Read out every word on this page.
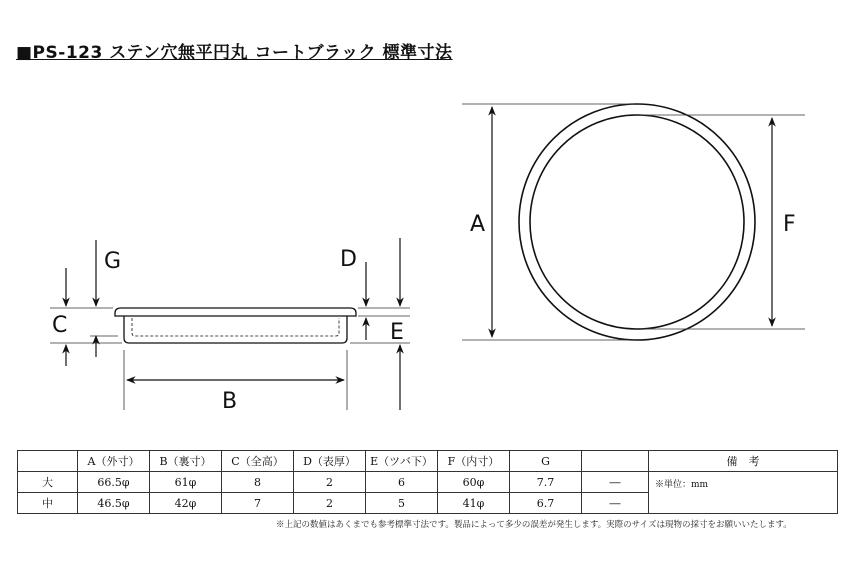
■PS-123 ステン穴無平円丸 コートブラック 標準寸法
C
G	D
E
B
A	F
	A（外寸）	B（裏寸）	C（全高）	D（表厚）	E（ツバ下）	F（内寸）	G		備　考
大	66.5φ	61φ	8	2	6	60φ	7.7	―	※単位：mm
中	46.5φ	42φ	7	2	5	41φ	6.7	―	
※上記の数値はあくまでも参考標準寸法です。製品によって多少の誤差が発生します。実際のサイズは現物の採寸をお願いいたします。
